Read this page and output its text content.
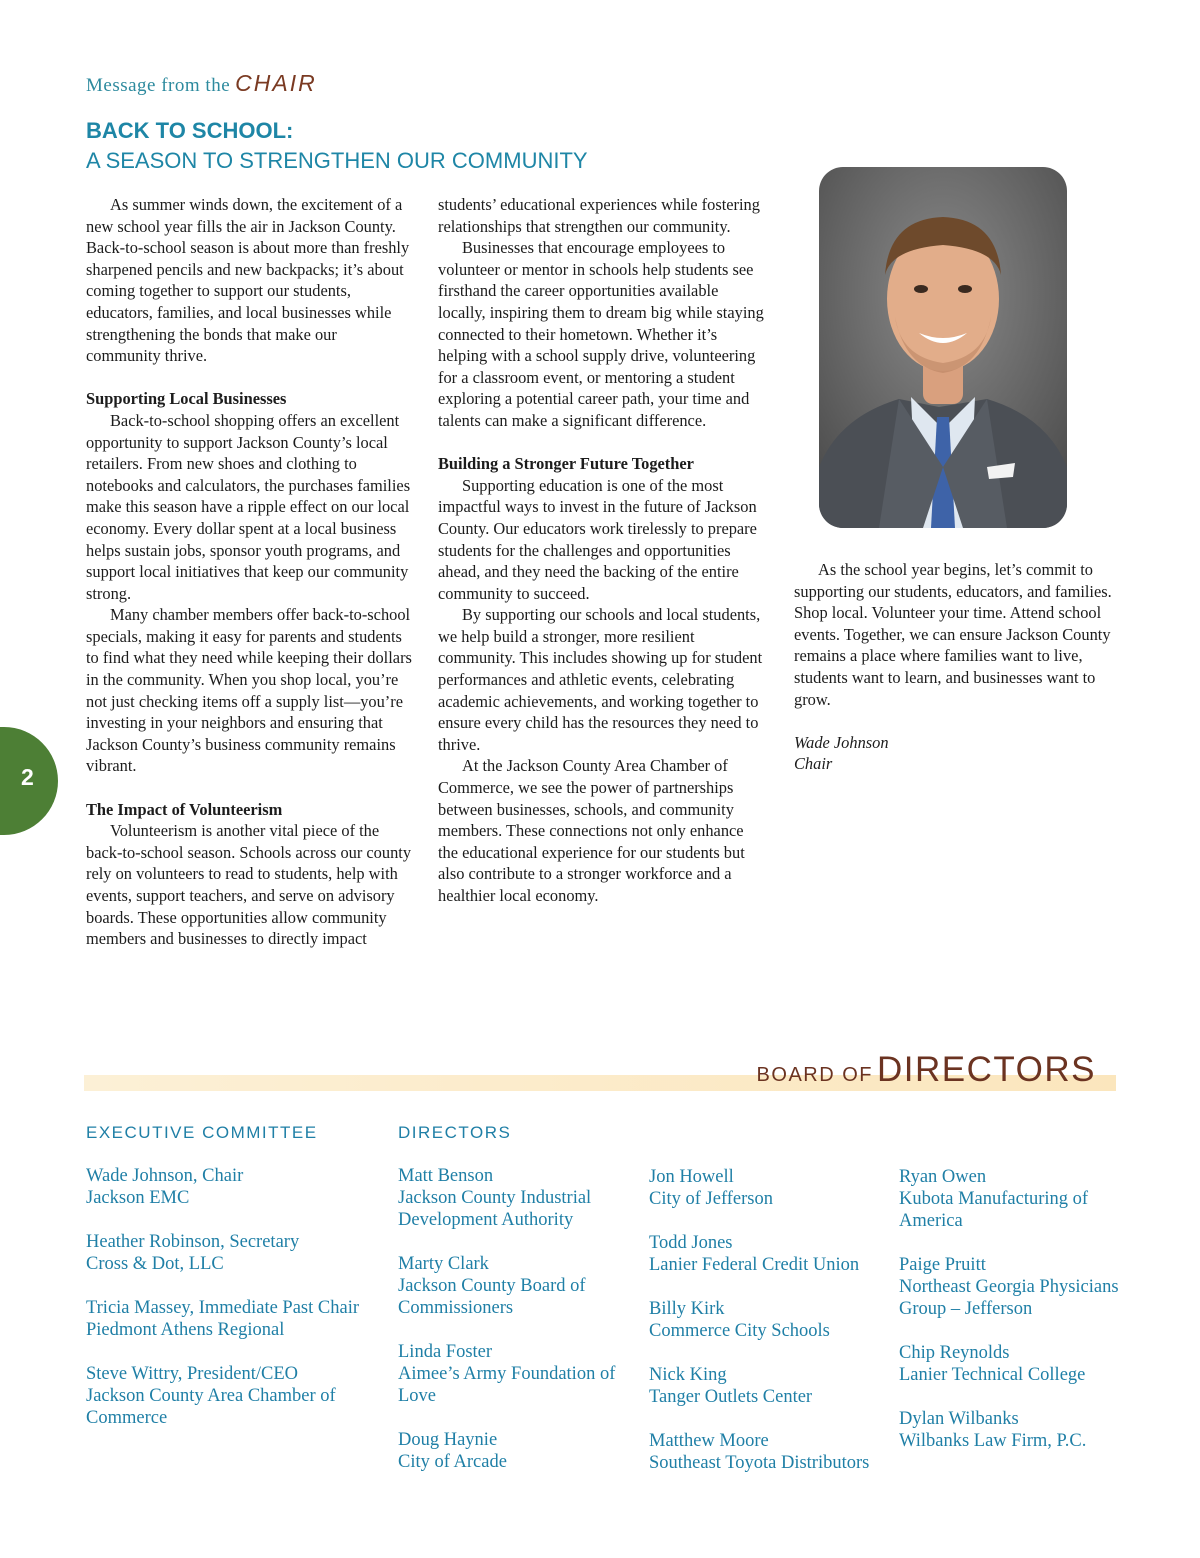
Message from the CHAIR
BACK TO SCHOOL:
A SEASON TO STRENGTHEN OUR COMMUNITY

As summer winds down, the excitement of a new school year fills the air in Jackson County. Back-to-school season is about more than freshly sharpened pencils and new backpacks; it’s about coming together to support our students, educators, families, and local businesses while strengthening the bonds that make our community thrive.

Supporting Local Businesses

Back-to-school shopping offers an excellent opportunity to support Jackson County’s local retailers. From new shoes and clothing to notebooks and calculators, the purchases families make this season have a ripple effect on our local economy. Every dollar spent at a local business helps sustain jobs, sponsor youth programs, and support local initiatives that keep our community strong.

Many chamber members offer back-to-school specials, making it easy for parents and students to find what they need while keeping their dollars in the community. When you shop local, you’re not just checking items off a supply list—you’re investing in your neighbors and ensuring that Jackson County’s business community remains vibrant.

The Impact of Volunteerism

Volunteerism is another vital piece of the back-to-school season. Schools across our county rely on volunteers to read to students, help with events, support teachers, and serve on advisory boards. These opportunities allow community members and businesses to directly impact

students’ educational experiences while fostering relationships that strengthen our community.

Businesses that encourage employees to volunteer or mentor in schools help students see firsthand the career opportunities available locally, inspiring them to dream big while staying connected to their hometown. Whether it’s helping with a school supply drive, volunteering for a classroom event, or mentoring a student exploring a potential career path, your time and talents can make a significant difference.

Building a Stronger Future Together

Supporting education is one of the most impactful ways to invest in the future of Jackson County. Our educators work tirelessly to prepare students for the challenges and opportunities ahead, and they need the backing of the entire community to succeed.

By supporting our schools and local students, we help build a stronger, more resilient community. This includes showing up for student performances and athletic events, celebrating academic achievements, and working together to ensure every child has the resources they need to thrive.

At the Jackson County Area Chamber of Commerce, we see the power of partnerships between businesses, schools, and community members. These connections not only enhance the educational experience for our students but also contribute to a stronger workforce and a healthier local economy.

As the school year begins, let’s commit to supporting our students, educators, and families. Shop local. Volunteer your time. Attend school events. Together, we can ensure Jackson County remains a place where families want to live, students want to learn, and businesses want to grow.

Wade Johnson
Chair
2
BOARD OF DIRECTORS
EXECUTIVE COMMITTEE
Wade Johnson, Chair
Jackson EMC
Heather Robinson, Secretary
Cross & Dot, LLC
Tricia Massey, Immediate Past Chair
Piedmont Athens Regional
Steve Wittry, President/CEO
Jackson County Area Chamber of
Commerce
DIRECTORS
Matt Benson
Jackson County Industrial
Development Authority
Marty Clark
Jackson County Board of
Commissioners
Linda Foster
Aimee’s Army Foundation of
Love
Doug Haynie
City of Arcade
Jon Howell
City of Jefferson
Todd Jones
Lanier Federal Credit Union
Billy Kirk
Commerce City Schools
Nick King
Tanger Outlets Center
Matthew Moore
Southeast Toyota Distributors
Ryan Owen
Kubota Manufacturing of
America
Paige Pruitt
Northeast Georgia Physicians
Group – Jefferson
Chip Reynolds
Lanier Technical College
Dylan Wilbanks
Wilbanks Law Firm, P.C.
